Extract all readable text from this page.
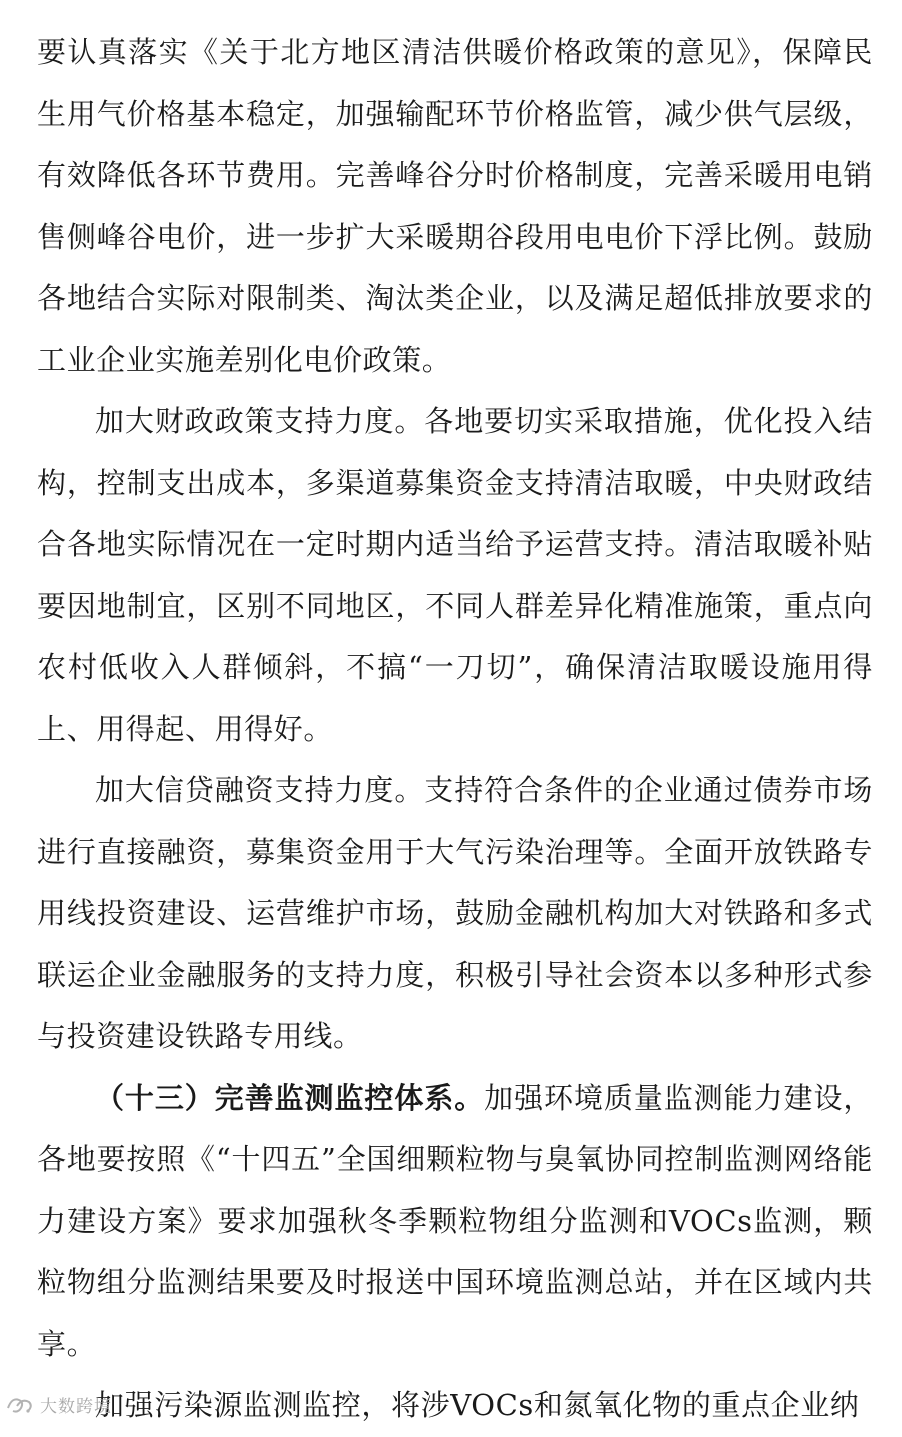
要认真落实《关于北方地区清洁供暖价格政策的意见》，保障民生用气价格基本稳定，加强输配环节价格监管，减少供气层级，有效降低各环节费用。完善峰谷分时价格制度，完善采暖用电销售侧峰谷电价，进一步扩大采暖期谷段用电电价下浮比例。鼓励各地结合实际对限制类、淘汰类企业，以及满足超低排放要求的工业企业实施差别化电价政策。

加大财政政策支持力度。各地要切实采取措施，优化投入结构，控制支出成本，多渠道募集资金支持清洁取暖，中央财政结合各地实际情况在一定时期内适当给予运营支持。清洁取暖补贴要因地制宜，区别不同地区，不同人群差异化精准施策，重点向农村低收入人群倾斜，不搞“一刀切”，确保清洁取暖设施用得上、用得起、用得好。

加大信贷融资支持力度。支持符合条件的企业通过债券市场进行直接融资，募集资金用于大气污染治理等。全面开放铁路专用线投资建设、运营维护市场，鼓励金融机构加大对铁路和多式联运企业金融服务的支持力度，积极引导社会资本以多种形式参与投资建设铁路专用线。

（十三）完善监测监控体系。加强环境质量监测能力建设，各地要按照《“十四五”全国细颗粒物与臭氧协同控制监测网络能力建设方案》要求加强秋冬季颗粒物组分监测和VOCs监测，颗粒物组分监测结果要及时报送中国环境监测总站，并在区域内共享。

加强污染源监测监控，将涉VOCs和氮氧化物的重点企业纳

大数跨境
